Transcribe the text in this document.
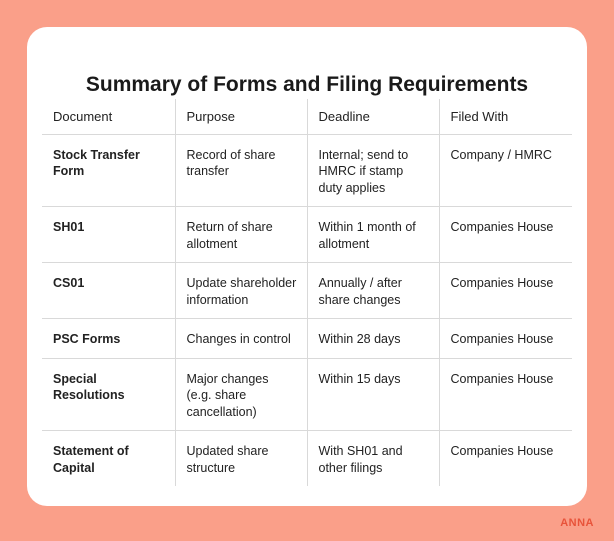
Summary of Forms and Filing Requirements
Document	Purpose	Deadline	Filed With
Stock Transfer Form	Record of share transfer	Internal; send to HMRC if stamp duty applies	Company / HMRC
SH01	Return of share allotment	Within 1 month of allotment	Companies House
CS01	Update shareholder information	Annually / after share changes	Companies House
PSC Forms	Changes in control	Within 28 days	Companies House
Special Resolutions	Major changes (e.g. share cancellation)	Within 15 days	Companies House
Statement of Capital	Updated share structure	With SH01 and other filings	Companies House
ANNA
